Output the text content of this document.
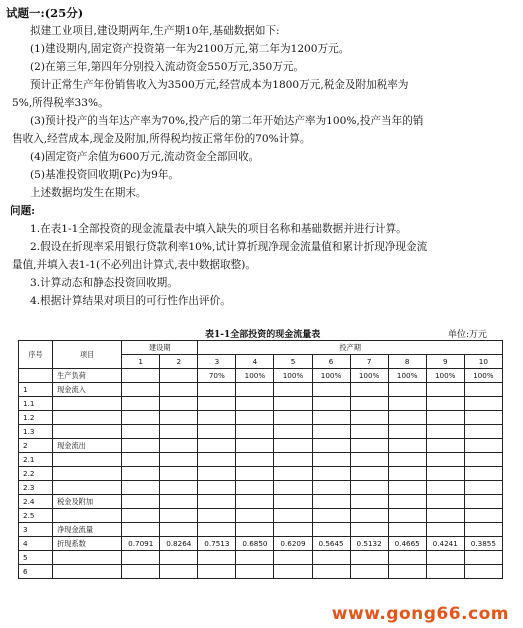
试题一:(25分)
拟建工业项目,建设期两年,生产期10年,基础数据如下:
(1)建设期内,固定资产投资第一年为2100万元,第二年为1200万元。
(2)在第三年,第四年分别投入流动资金550万元,350万元。
预计正常生产年份销售收入为3500万元,经营成本为1800万元,税金及附加税率为
5%,所得税率33%。
(3)预计投产的当年达产率为70%,投产后的第二年开始达产率为100%,投产当年的销
售收入,经营成本,现金及附加,所得税均按正常年份的70%计算。
(4)固定资产余值为600万元,流动资金全部回收。
(5)基准投资回收期(Pc)为9年。
上述数据均发生在期末。
问题:
1.在表1-1全部投资的现金流量表中填入缺失的项目名称和基础数据并进行计算。
2.假设在折现率采用银行贷款利率10%,试计算折现净现金流量值和累计折现净现金流
量值,并填入表1-1(不必列出计算式,表中数据取整)。
3.计算动态和静态投资回收期。
4.根据计算结果对项目的可行性作出评价。
表1-1全部投资的现金流量表	单位:万元
序号	项目	建设期		投产期							
		1	2	3	4	5	6	7	8	9	10
	生产负荷			70%	100%	100%	100%	100%	100%	100%	100%
1	现金流入										
1.1											
1.2											
1.3											
2	现金流出										
2.1											
2.2											
2.3											
2.4	税金及附加										
2.5											
3	净现金流量										
4	折现系数	0.7091	0.8264	0.7513	0.6850	0.6209	0.5645	0.5132	0.4665	0.4241	0.3855
5											
6											
www.gong66.com
